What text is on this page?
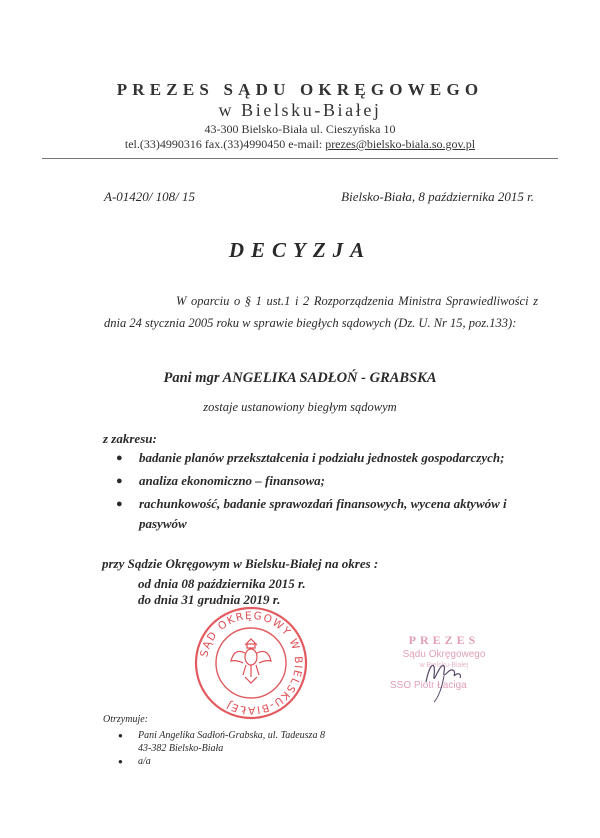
PREZES SĄDU OKRĘGOWEGO
w Bielsku-Białej
43-300 Bielsko-Biała ul. Cieszyńska 10
tel.(33)4990316 fax.(33)4990450 e-mail: prezes@bielsko-biala.so.gov.pl
A-01420/ 108/ 15	Bielsko-Biała, 8 października 2015 r.
DECYZJA

W oparciu o § 1 ust.1 i 2 Rozporządzenia Ministra Sprawiedliwości z dnia 24 stycznia 2005 roku w sprawie biegłych sądowych (Dz. U. Nr 15, poz.133):

Pani mgr ANGELIKA SADŁOŃ - GRABSKA
zostaje ustanowiony biegłym sądowym
z zakresu:
● badanie planów przekształcenia i podziału jednostek gospodarczych;
● analiza ekonomiczno – finansowa;
● rachunkowość, badanie sprawozdań finansowych, wycena aktywów i pasywów
przy Sądzie Okręgowym w Bielsku-Białej na okres :
od dnia 08 października 2015 r.
do dnia 31 grudnia 2019 r.
SĄD OKRĘGOWY W BIELSKU-BIAŁEJ
PREZES
Sądu Okręgowego
w Bielsku-Białej
SSO Piotr Łaciga
Otrzymuje:
● Pani Angelika Sadłoń-Grabska, ul. Tadeusza 8
43-382 Bielsko-Biała
● a/a
